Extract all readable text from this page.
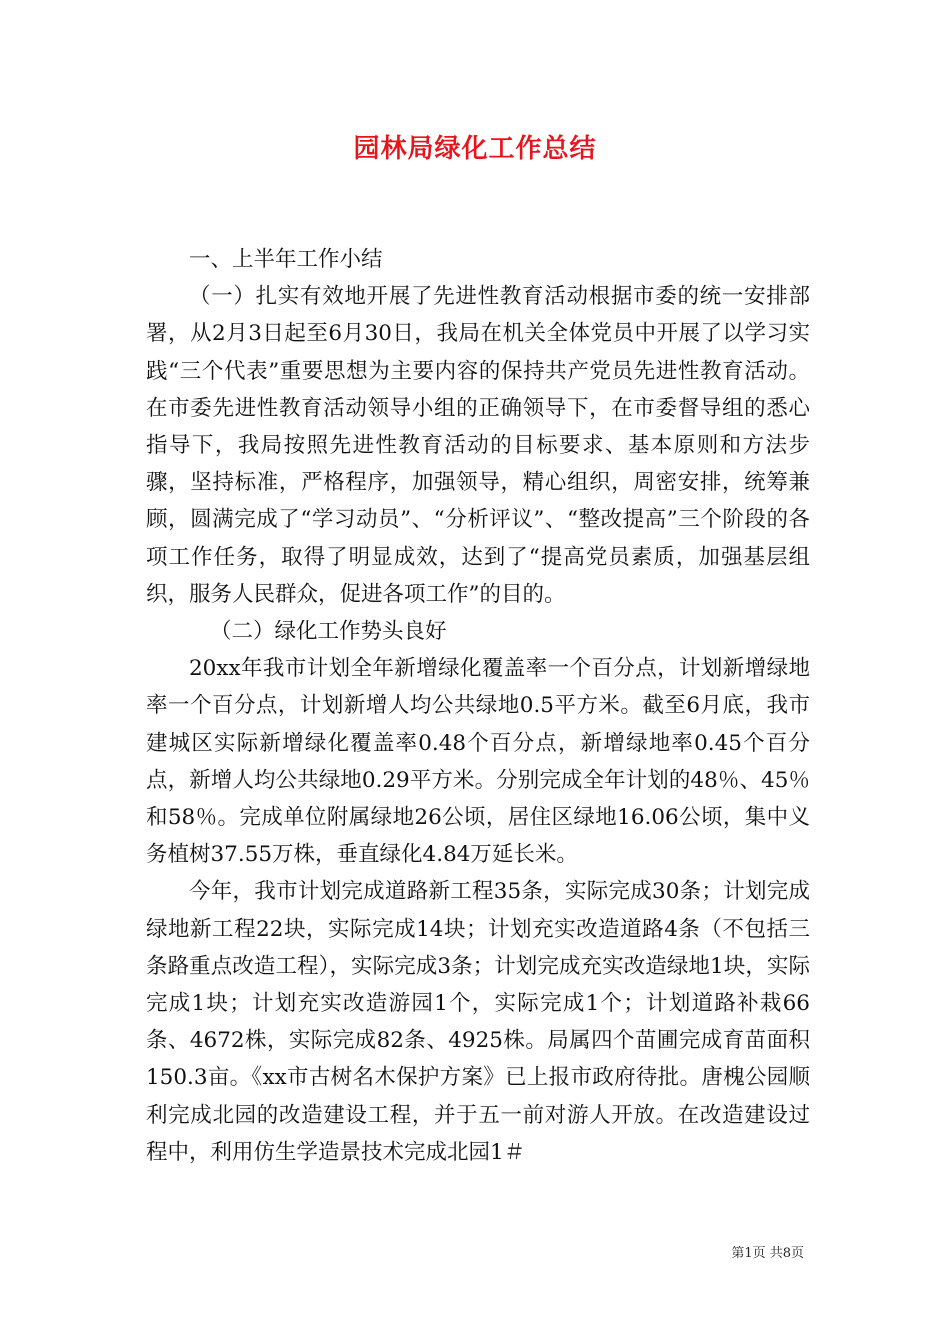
园林局绿化工作总结

一、上半年工作小结

（一）扎实有效地开展了先进性教育活动根据市委的统一安排部署，从2月3日起至6月30日，我局在机关全体党员中开展了以学习实践“三个代表”重要思想为主要内容的保持共产党员先进性教育活动。在市委先进性教育活动领导小组的正确领导下，在市委督导组的悉心指导下，我局按照先进性教育活动的目标要求、基本原则和方法步骤，坚持标准，严格程序，加强领导，精心组织，周密安排，统筹兼顾，圆满完成了“学习动员”、“分析评议”、“整改提高”三个阶段的各项工作任务，取得了明显成效，达到了“提高党员素质，加强基层组织，服务人民群众，促进各项工作”的目的。

（二）绿化工作势头良好

20xx年我市计划全年新增绿化覆盖率一个百分点，计划新增绿地率一个百分点，计划新增人均公共绿地0.5平方米。截至6月底，我市建城区实际新增绿化覆盖率0.48个百分点，新增绿地率0.45个百分点，新增人均公共绿地0.29平方米。分别完成全年计划的48％、45％和58％。完成单位附属绿地26公顷，居住区绿地16.06公顷，集中义务植树37.55万株，垂直绿化4.84万延长米。

今年，我市计划完成道路新工程35条，实际完成30条；计划完成绿地新工程22块，实际完成14块；计划充实改造道路4条（不包括三条路重点改造工程），实际完成3条；计划完成充实改造绿地1块，实际完成1块；计划充实改造游园1个，实际完成1个；计划道路补栽66条、4672株，实际完成82条、4925株。局属四个苗圃完成育苗面积150.3亩。《xx市古树名木保护方案》已上报市政府待批。唐槐公园顺利完成北园的改造建设工程，并于五一前对游人开放。在改造建设过程中，利用仿生学造景技术完成北园1＃

第1页 共8页
